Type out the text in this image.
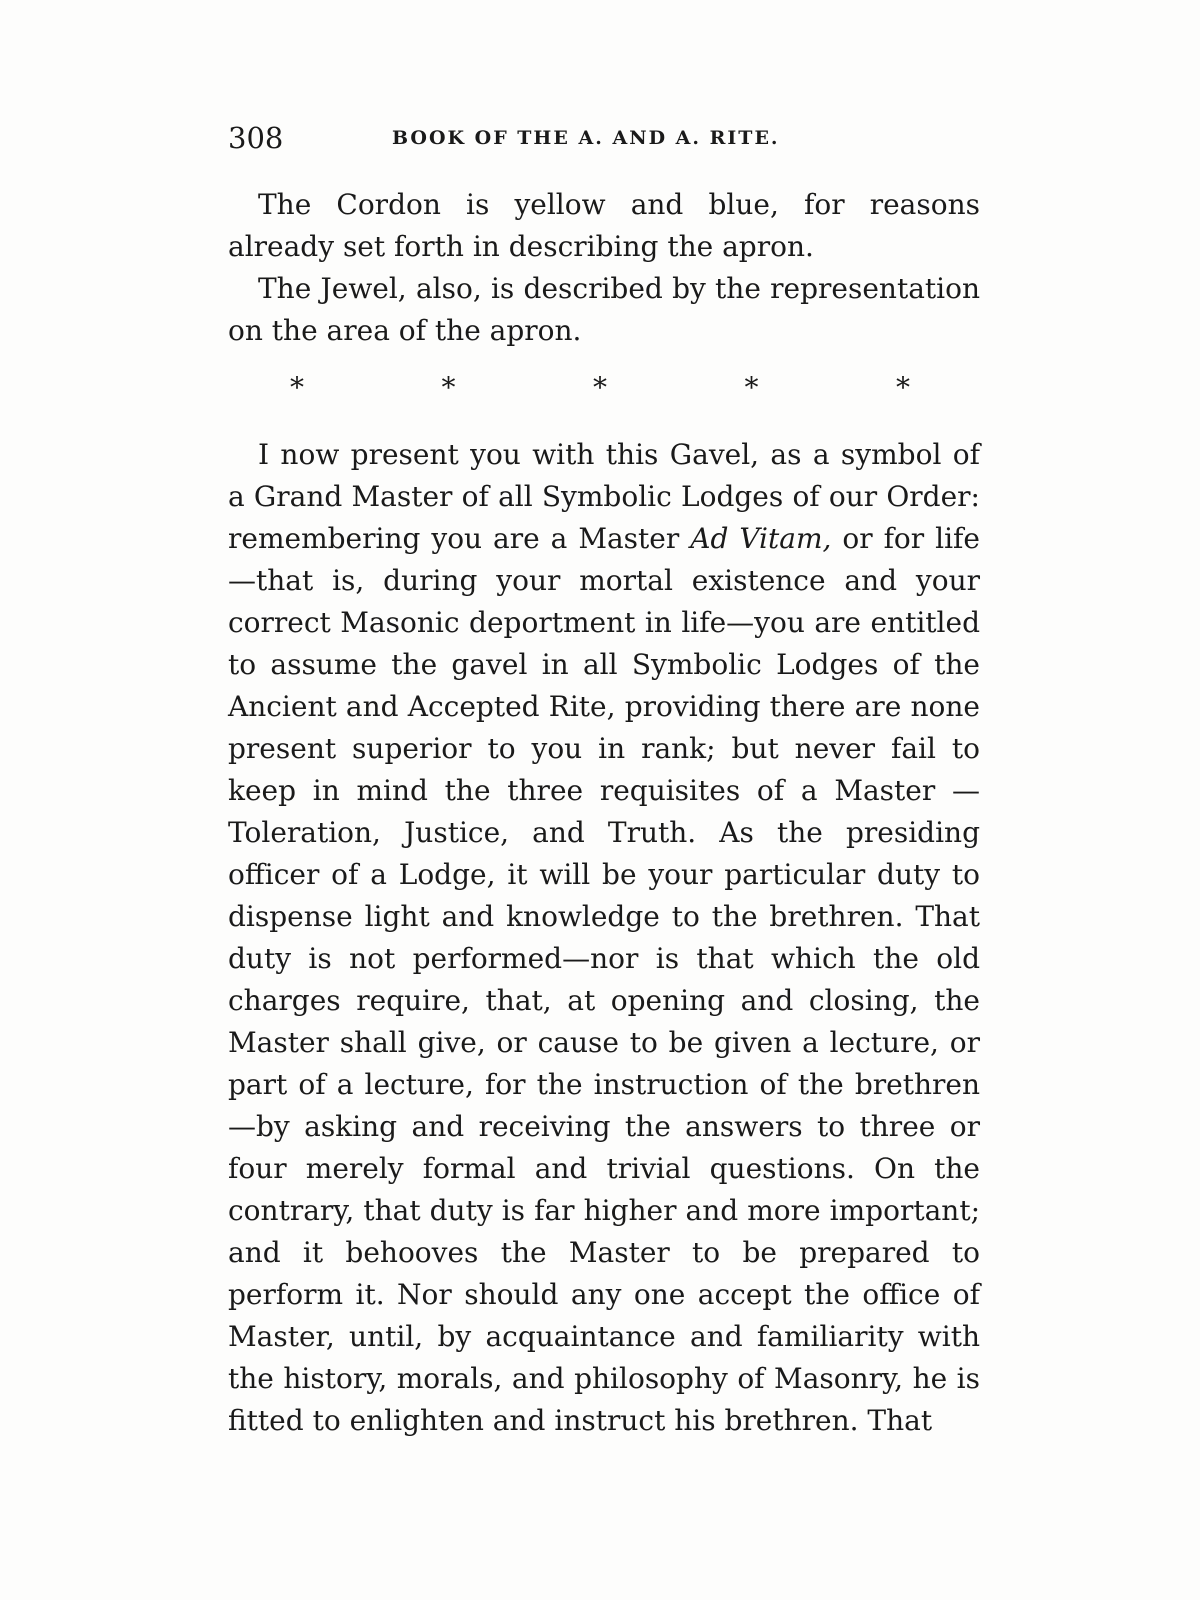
308	BOOK OF THE A. AND A. RITE.

The Cordon is yellow and blue, for reasons already set forth in describing the apron.

The Jewel, also, is described by the representation on the area of the apron.

*	*	*	*	*

I now present you with this Gavel, as a symbol of a Grand Master of all Symbolic Lodges of our Order: remembering you are a Master Ad Vitam, or for life—that is, during your mortal existence and your correct Masonic deportment in life—you are entitled to assume the gavel in all Symbolic Lodges of the Ancient and Accepted Rite, providing there are none present superior to you in rank; but never fail to keep in mind the three requisites of a Master —Toleration, Justice, and Truth. As the presiding officer of a Lodge, it will be your particular duty to dispense light and knowledge to the brethren. That duty is not performed—nor is that which the old charges require, that, at opening and closing, the Master shall give, or cause to be given a lecture, or part of a lecture, for the instruction of the brethren —by asking and receiving the answers to three or four merely formal and trivial questions. On the contrary, that duty is far higher and more important; and it behooves the Master to be prepared to perform it. Nor should any one accept the office of Master, until, by acquaintance and familiarity with the history, morals, and philosophy of Masonry, he is fitted to enlighten and instruct his brethren. That
